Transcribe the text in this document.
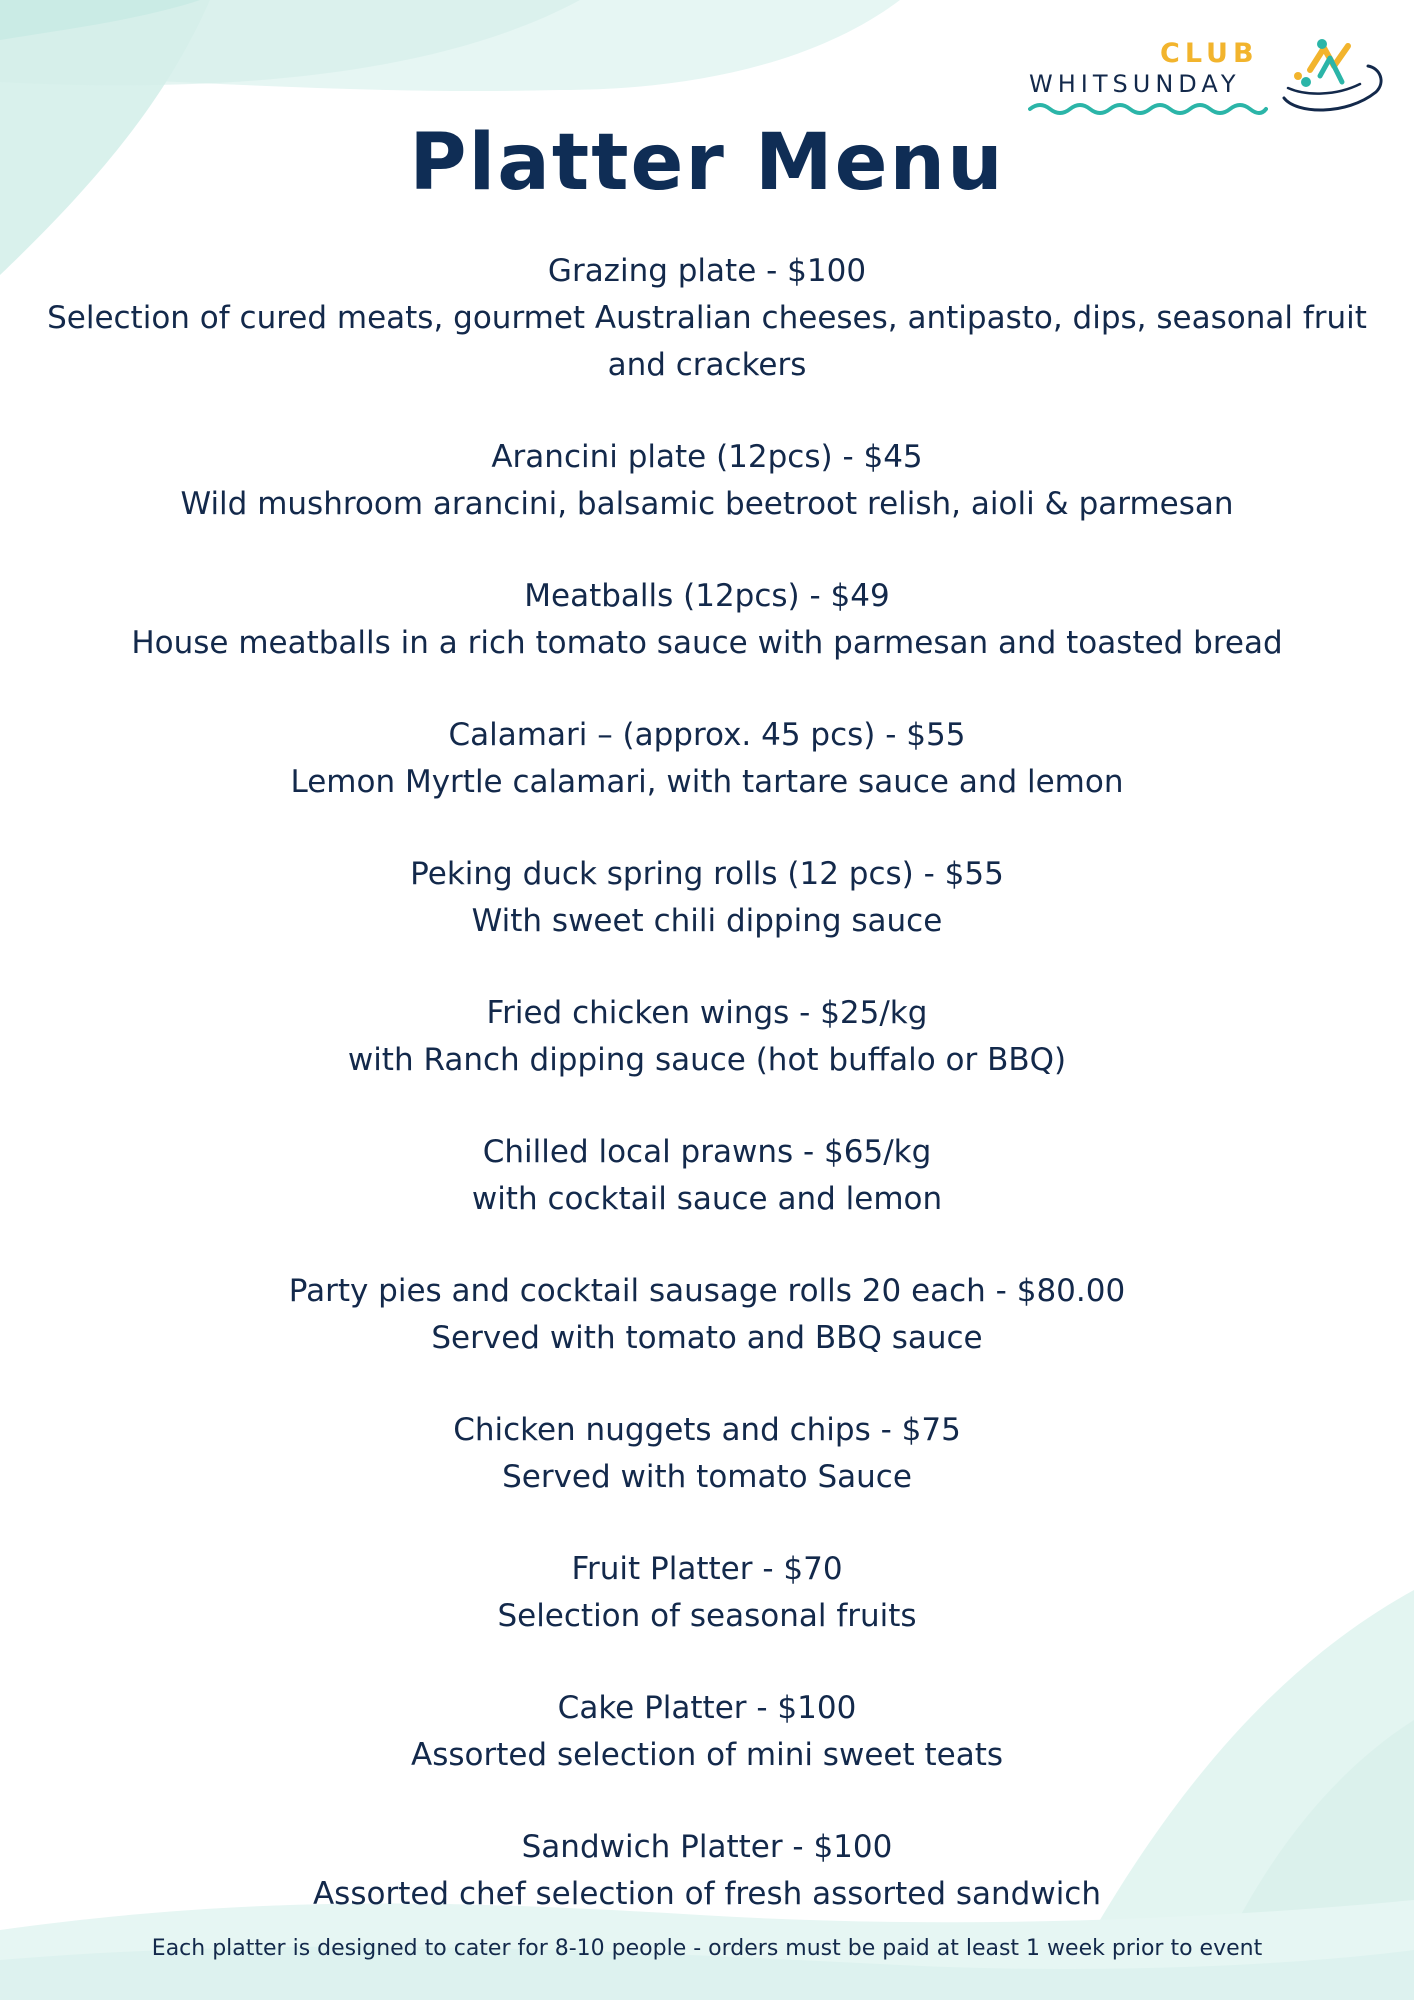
CLUB
WHITSUNDAY
Platter Menu
Grazing plate - $100
Selection of cured meats, gourmet Australian cheeses, antipasto, dips, seasonal fruit and crackers
Arancini plate (12pcs) - $45
Wild mushroom arancini, balsamic beetroot relish, aioli & parmesan
Meatballs (12pcs) - $49
House meatballs in a rich tomato sauce with parmesan and toasted bread
Calamari – (approx. 45 pcs) - $55
Lemon Myrtle calamari, with tartare sauce and lemon
Peking duck spring rolls (12 pcs) - $55
With sweet chili dipping sauce
Fried chicken wings - $25/kg
with Ranch dipping sauce (hot buffalo or BBQ)
Chilled local prawns - $65/kg
with cocktail sauce and lemon
Party pies and cocktail sausage rolls 20 each - $80.00
Served with tomato and BBQ sauce
Chicken nuggets and chips - $75
Served with tomato Sauce
Fruit Platter - $70
Selection of seasonal fruits
Cake Platter - $100
Assorted selection of mini sweet teats
Sandwich Platter - $100
Assorted chef selection of fresh assorted sandwich
Each platter is designed to cater for 8-10 people - orders must be paid at least 1 week prior to event
